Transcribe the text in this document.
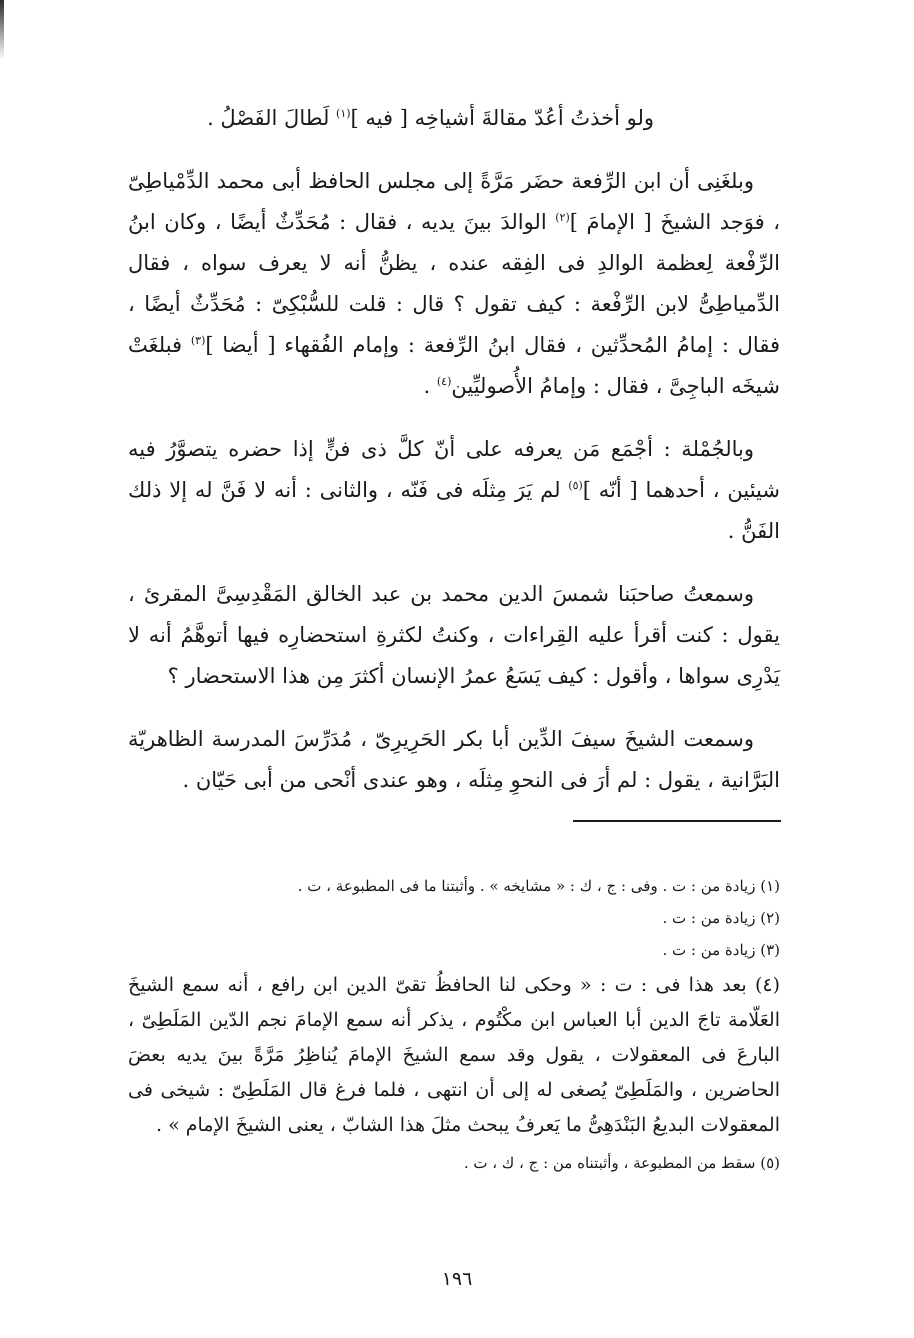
ولو أخذتُ أعُدّ مقالةَ أشياخِه [ فيه ]$^{(١)}$ لَطالَ الفَصْلُ .

وبلغَنِى أن ابن الرِّفعة حضَر مَرَّةً إلى مجلس الحافظ أبى محمد الدِّمْياطِىّ ، فوَجد الشيخَ [ الإمامَ ]$^{(٢)}$ الوالدَ بينَ يديه ، فقال : مُحَدِّثٌ أيضًا ، وكان ابنُ الرِّفْعة لِعظمة الوالدِ فى الفِقه عنده ، يظنُّ أنه لا يعرف سواه ، فقال الدِّمياطِىُّ لابن الرِّفْعة : كيف تقول ؟ قال : قلت للسُّبْكِىّ : مُحَدِّثٌ أيضًا ، فقال : إمامُ المُحدِّثين ، فقال ابنُ الرِّفعة : وإمام الفُقهاء [ أيضا ]$^{(٣)}$ فبلغَتْ شيخَه الباجِىَّ ، فقال : وإمامُ الأُصوليِّين$^{(٤)}$ .

وبالجُمْلة : أجْمَع مَن يعرفه على أنّ كلَّ ذى فنٍّ إذا حضره يتصوَّرُ فيه شيئين ، أحدهما [ أنّه ]$^{(٥)}$ لم يَرَ مِثلَه فى فَنّه ، والثانى : أنه لا فَنَّ له إلا ذلك الفَنُّ .

وسمعتُ صاحبَنا شمسَ الدين محمد بن عبد الخالق المَقْدِسِىَّ المقرئ ، يقول : كنت أقرأ عليه القِراءات ، وكنتُ لكثرةِ استحضارِه فيها أتوهَّمُ أنه لا يَدْرِى سواها ، وأقول : كيف يَسَعُ عمرُ الإنسان أكثرَ مِن هذا الاستحضار ؟

وسمعت الشيخَ سيفَ الدِّين أبا بكر الحَرِيرِىّ ، مُدَرِّسَ المدرسة الظاهريّة البَرَّانية ، يقول : لم أرَ فى النحوِ مِثلَه ، وهو عندى أنْحى من أبى حَيّان .

(١) زيادة من : ت . وفى : ج ، ك : « مشايخه » . وأثبتنا ما فى المطبوعة ، ت .

(٢) زيادة من : ت .

(٣) زيادة من : ت .

(٤) بعد هذا فى : ت : « وحكى لنا الحافظُ تقىّ الدين ابن رافع ، أنه سمع الشيخَ العَلّامة تاجَ الدين أبا العباس ابن مكْتُوم ، يذكر أنه سمع الإمامَ نجم الدّين المَلَطِىّ ، البارعَ فى المعقولات ، يقول وقد سمع الشيخَ الإمامَ يُناظِرُ مَرَّةً بينَ يديه بعضَ الحاضرين ، والمَلَطِىّ يُصغى له إلى أن انتهى ، فلما فرغ قال المَلَطِىّ : شيخى فى المعقولات البديعُ البَنْدَهِىُّ ما يَعرفُ يبحث مثلَ هذا الشابّ ، يعنى الشيخَ الإمام » .

(٥) سقط من المطبوعة ، وأثبتناه من : ج ، ك ، ت .

١٩٦
